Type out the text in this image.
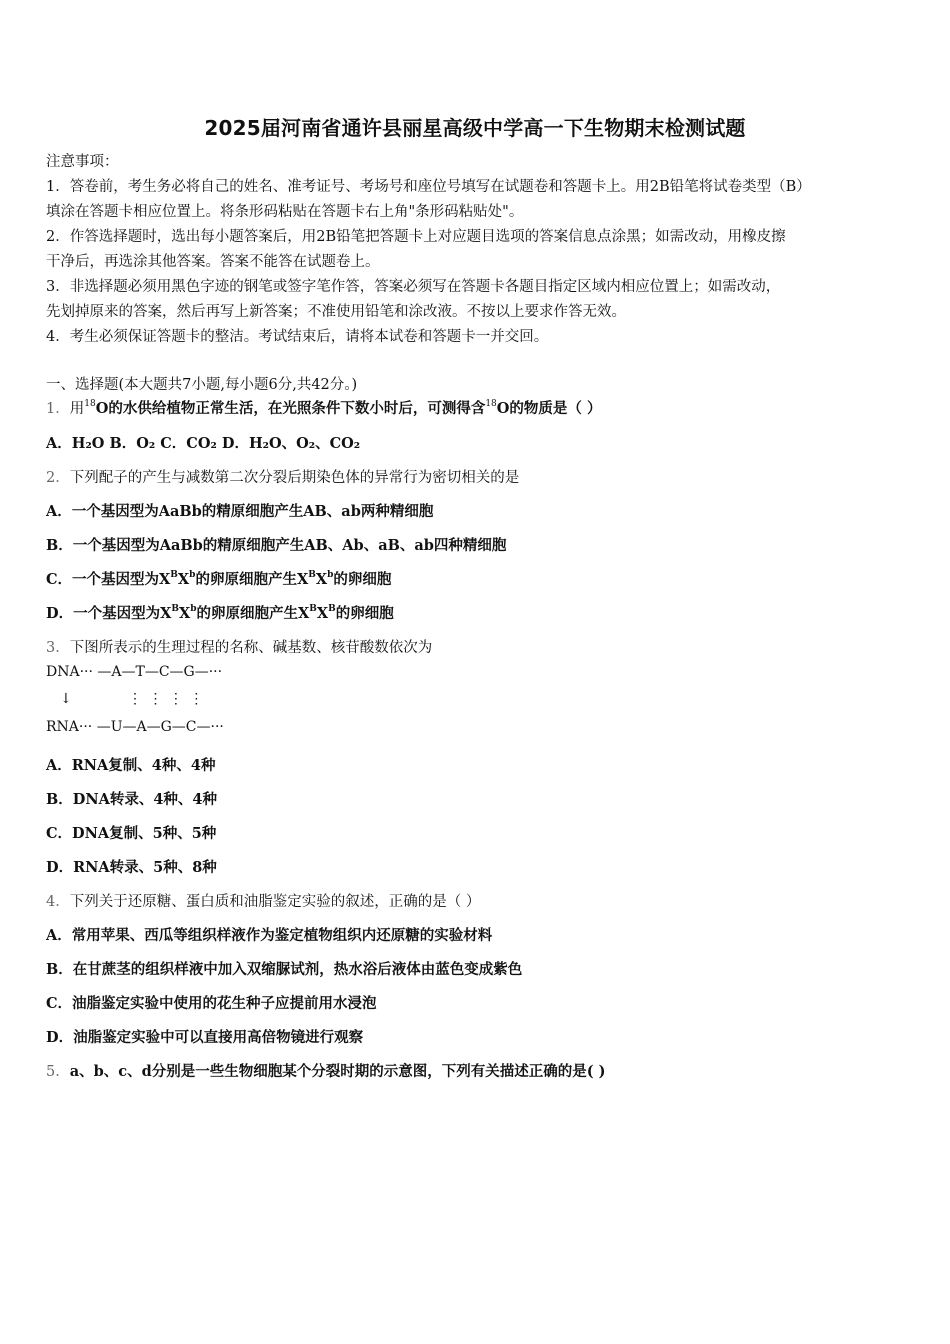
2025届河南省通许县丽星高级中学高一下生物期末检测试题

注意事项：

1．答卷前，考生务必将自己的姓名、准考证号、考场号和座位号填写在试题卷和答题卡上。用2B铅笔将试卷类型（B）

填涂在答题卡相应位置上。将条形码粘贴在答题卡右上角"条形码粘贴处"。

2．作答选择题时，选出每小题答案后，用2B铅笔把答题卡上对应题目选项的答案信息点涂黑；如需改动，用橡皮擦

干净后，再选涂其他答案。答案不能答在试题卷上。

3．非选择题必须用黑色字迹的钢笔或签字笔作答，答案必须写在答题卡各题目指定区域内相应位置上；如需改动，

先划掉原来的答案，然后再写上新答案；不准使用铅笔和涂改液。不按以上要求作答无效。

4．考生必须保证答题卡的整洁。考试结束后，请将本试卷和答题卡一并交回。

一、选择题(本大题共7小题,每小题6分,共42分。)
1．用$^{18}$O的水供给植物正常生活，在光照条件下数小时后，可测得含$^{18}$O的物质是（ ）
A．H₂O B．O₂ C．CO₂ D．H₂O、O₂、CO₂
2．下列配子的产生与减数第二次分裂后期染色体的异常行为密切相关的是
A．一个基因型为AaBb的精原细胞产生AB、ab两种精细胞
B．一个基因型为AaBb的精原细胞产生AB、Ab、aB、ab四种精细胞
C．一个基因型为$X^BX^b$的卵原细胞产生$X^BX^b$的卵细胞
D．一个基因型为$X^BX^b$的卵原细胞产生$X^BX^B$的卵细胞
3．下图所表示的生理过程的名称、碱基数、核苷酸数依次为
DNA··· —A—T—C—G—···
↓	⋮ ⋮ ⋮ ⋮
RNA··· —U—A—G—C—···
A．RNA复制、4种、4种
B．DNA转录、4种、4种
C．DNA复制、5种、5种
D．RNA转录、5种、8种
4．下列关于还原糖、蛋白质和油脂鉴定实验的叙述，正确的是（ ）
A．常用苹果、西瓜等组织样液作为鉴定植物组织内还原糖的实验材料
B．在甘蔗茎的组织样液中加入双缩脲试剂，热水浴后液体由蓝色变成紫色
C．油脂鉴定实验中使用的花生种子应提前用水浸泡
D．油脂鉴定实验中可以直接用高倍物镜进行观察
5．a、b、c、d分别是一些生物细胞某个分裂时期的示意图，下列有关描述正确的是( )
